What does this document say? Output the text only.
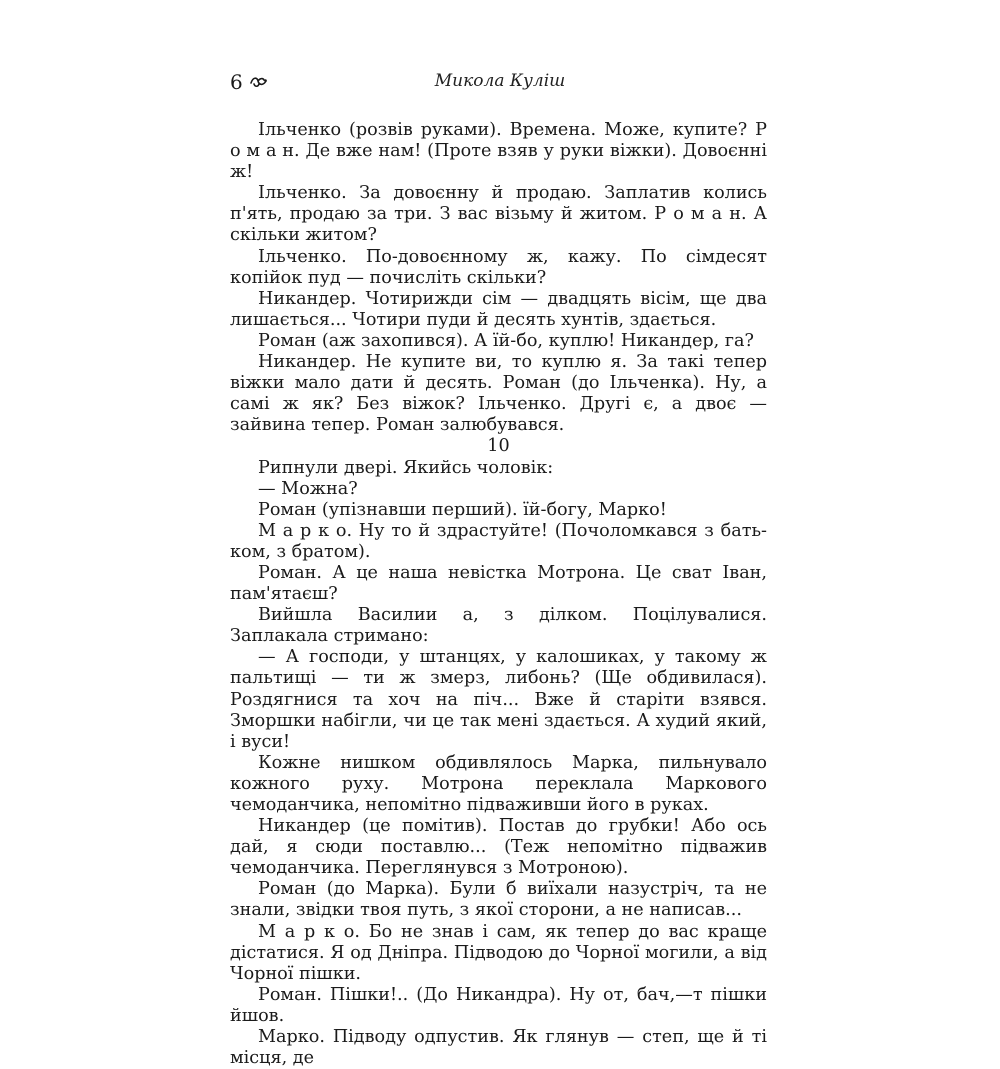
6	Микола Куліш

Ільченко (розвів руками). Времена. Може, купите? Р о м а н. Де вже нам! (Проте взяв у руки віжки). Довоєнні ж!

Ільченко. За довоєнну й продаю. Заплатив колись п'ять, продаю за три. З вас візьму й житом. Р о м а н. А скільки житом?

Ільченко. По-довоєнному ж, кажу. По сімдесят копійок пуд — почисліть скільки?

Никандер. Чотирижди сім — двадцять вісім, ще два лишається... Чотири пуди й десять хунтів, здається.

Роман (аж захопився). А їй-бо, куплю! Никандер, га?

Никандер. Не купите ви, то куплю я. За такі тепер віжки мало дати й десять. Роман (до Ільченка). Ну, а самі ж як? Без віжок? Ільченко. Другі є, а двоє — зайвина тепер. Роман залюбувався.

10

Рипнули двері. Якийсь чоловік:

— Можна?

Роман (упізнавши перший). їй-богу, Марко!

М а р к о. Ну то й здрастуйте! (Почоломкався з бать-ком, з братом).

Роман. А це наша невістка Мотрона. Це сват Іван, пам'ятаєш?

Вийшла Василии а, з ділком. Поцілувалися. Заплакала стримано:

— А господи, у штанцях, у калошиках, у такому ж пальтищі — ти ж змерз, либонь? (Ще обдивилася). Роздягнися та хоч на піч... Вже й старіти взявся. Зморшки набігли, чи це так мені здається. А худий який, і вуси!

Кожне нишком обдивлялось Марка, пильнувало кожного руху. Мотрона переклала Маркового чемоданчика, непомітно підваживши його в руках.

Никандер (це помітив). Постав до грубки! Або ось дай, я сюди поставлю... (Теж непомітно підважив чемоданчика. Переглянувся з Мотроною).

Роман (до Марка). Були б виїхали назустріч, та не знали, звідки твоя путь, з якої сторони, а не написав...

М а р к о. Бо не знав і сам, як тепер до вас краще дістатися. Я од Дніпра. Підводою до Чорної могили, а від Чорної пішки.

Роман. Пішки!.. (До Никандра). Ну от, бач,—т пішки йшов.

Марко. Підводу одпустив. Як глянув — степ, ще й ті місця, де
